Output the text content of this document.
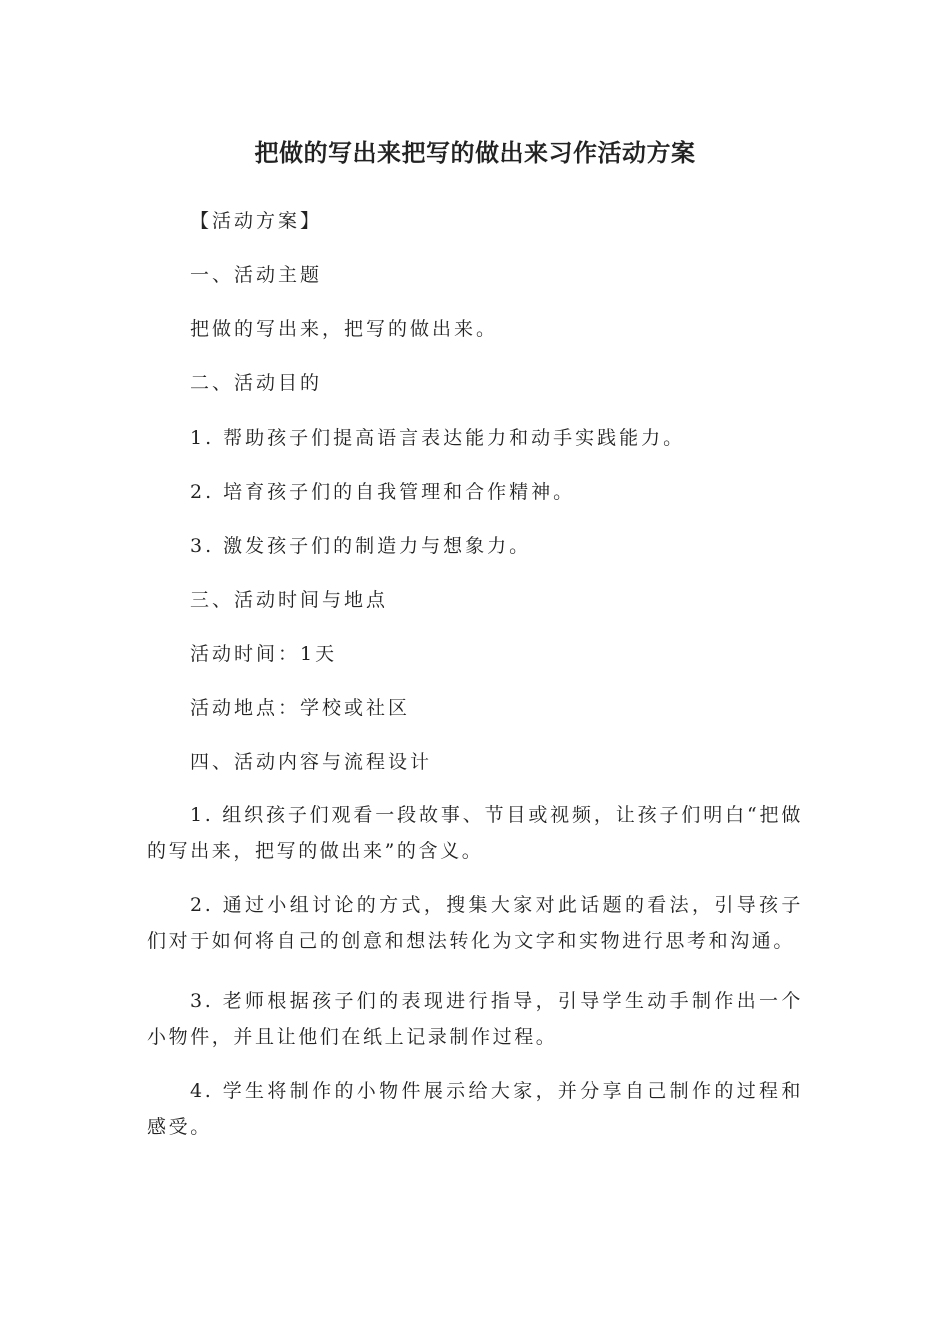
把做的写出来把写的做出来习作活动方案
【活动方案】
一、活动主题
把做的写出来，把写的做出来。
二、活动目的
1. 帮助孩子们提高语言表达能力和动手实践能力。
2. 培育孩子们的自我管理和合作精神。
3. 激发孩子们的制造力与想象力。
三、活动时间与地点
活动时间：1天
活动地点：学校或社区
四、活动内容与流程设计
1. 组织孩子们观看一段故事、节目或视频，让孩子们明白“把做的写出来，把写的做出来”的含义。
2. 通过小组讨论的方式，搜集大家对此话题的看法，引导孩子们对于如何将自己的创意和想法转化为文字和实物进行思考和沟通。
3. 老师根据孩子们的表现进行指导，引导学生动手制作出一个小物件，并且让他们在纸上记录制作过程。
4. 学生将制作的小物件展示给大家，并分享自己制作的过程和感受。
